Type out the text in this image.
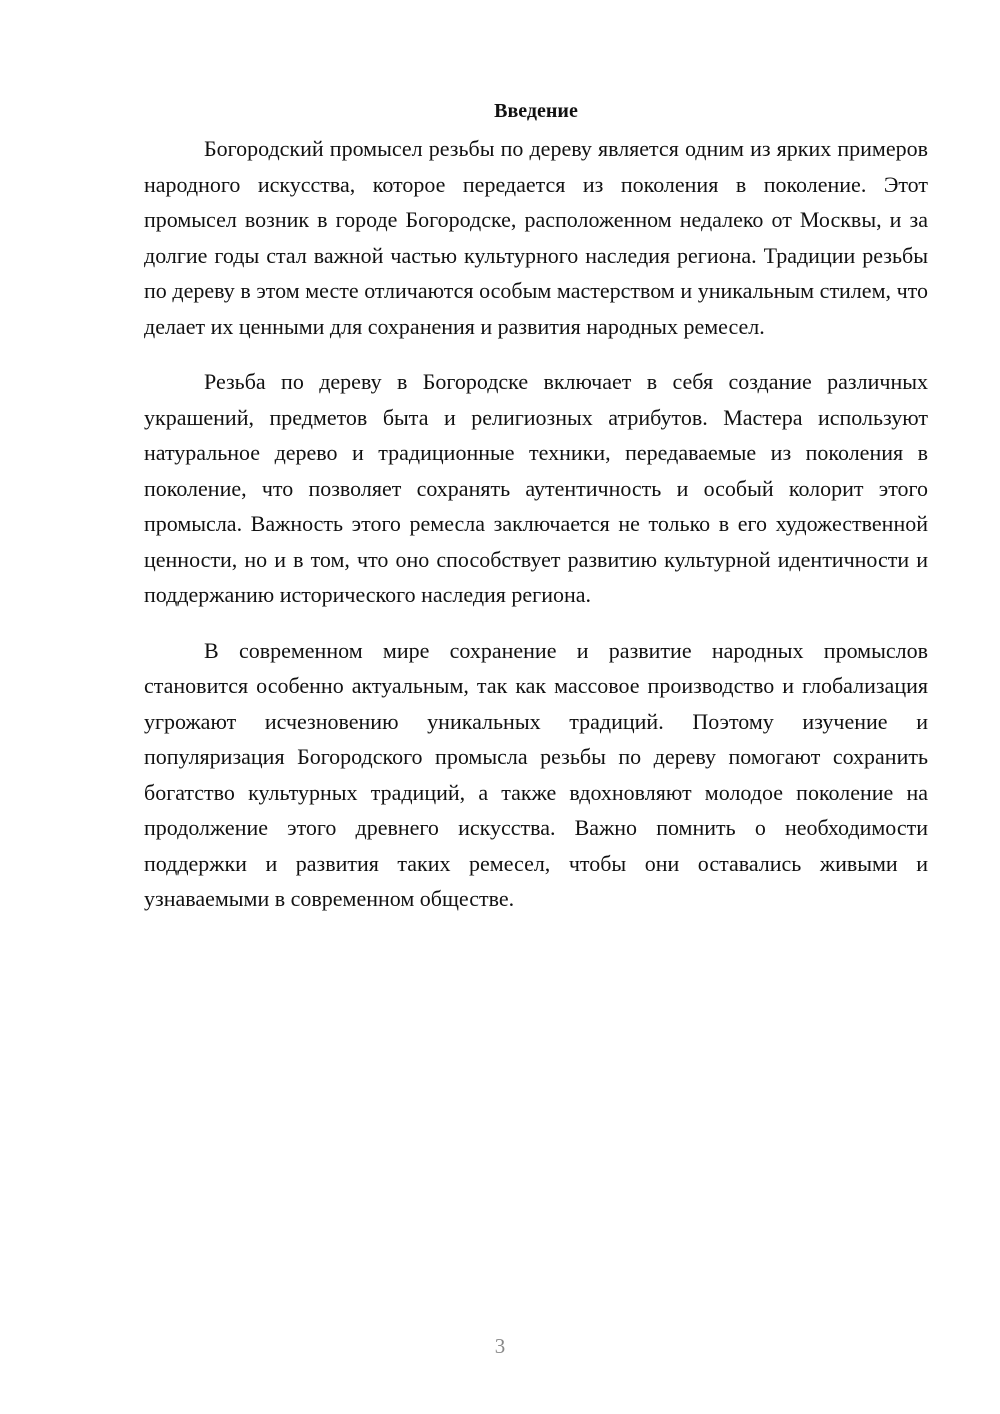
Введение

Богородский промысел резьбы по дереву является одним из ярких примеров народного искусства, которое передается из поколения в поколение. Этот промысел возник в городе Богородске, расположенном недалеко от Москвы, и за долгие годы стал важной частью культурного наследия региона. Традиции резьбы по дереву в этом месте отличаются особым мастерством и уникальным стилем, что делает их ценными для сохранения и развития народных ремесел.

Резьба по дереву в Богородске включает в себя создание различных украшений, предметов быта и религиозных атрибутов. Мастера используют натуральное дерево и традиционные техники, передаваемые из поколения в поколение, что позволяет сохранять аутентичность и особый колорит этого промысла. Важность этого ремесла заключается не только в его художественной ценности, но и в том, что оно способствует развитию культурной идентичности и поддержанию исторического наследия региона.

В современном мире сохранение и развитие народных промыслов становится особенно актуальным, так как массовое производство и глобализация угрожают исчезновению уникальных традиций. Поэтому изучение и популяризация Богородского промысла резьбы по дереву помогают сохранить богатство культурных традиций, а также вдохновляют молодое поколение на продолжение этого древнего искусства. Важно помнить о необходимости поддержки и развития таких ремесел, чтобы они оставались живыми и узнаваемыми в современном обществе.

3
